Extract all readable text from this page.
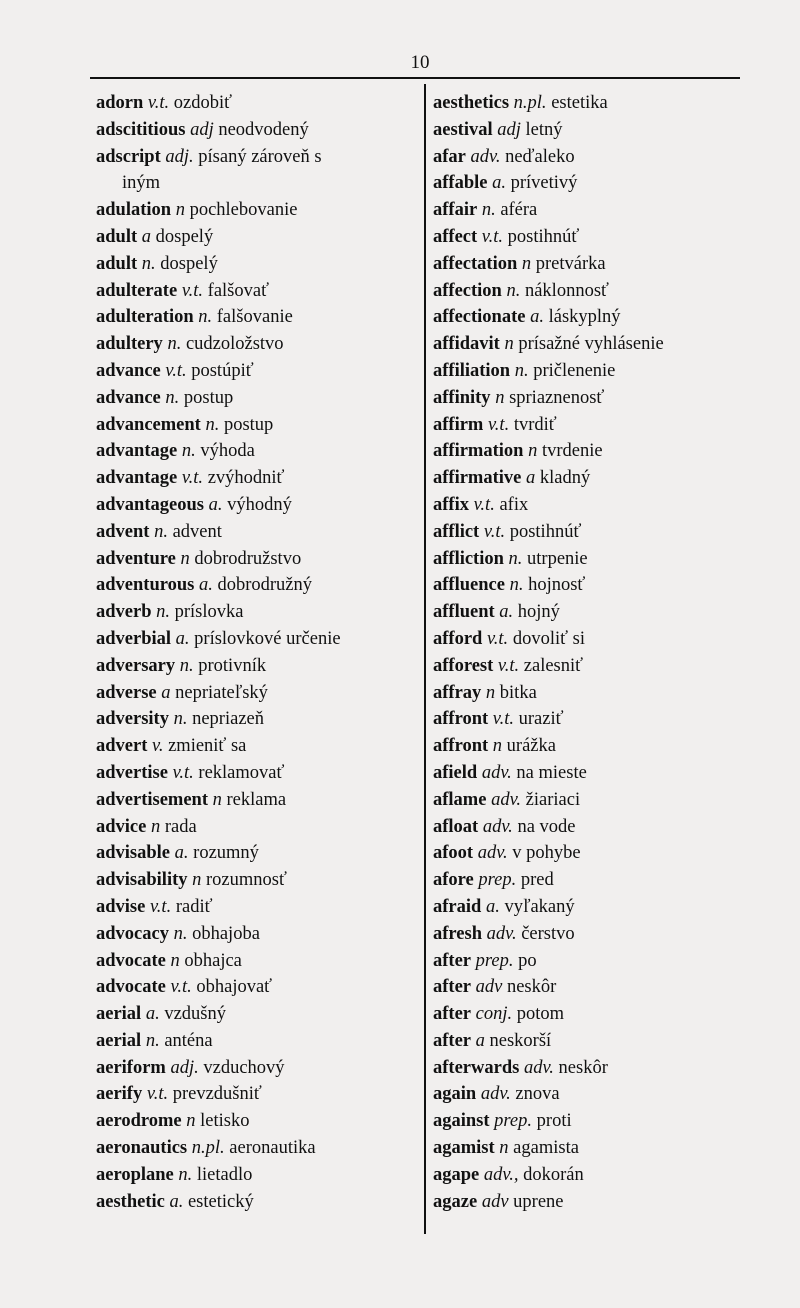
10
adorn v.t. ozdobiť
adscititious adj neodvodený
adscript adj. písaný zároveň s
iným
adulation n pochlebovanie
adult a dospelý
adult n. dospelý
adulterate v.t. falšovať
adulteration n. falšovanie
adultery n. cudzoložstvo
advance v.t. postúpiť
advance n. postup
advancement n. postup
advantage n. výhoda
advantage v.t. zvýhodniť
advantageous a. výhodný
advent n. advent
adventure n dobrodružstvo
adventurous a. dobrodružný
adverb n. príslovka
adverbial a. príslovkové určenie
adversary n. protivník
adverse a nepriateľský
adversity n. nepriazeň
advert v. zmieniť sa
advertise v.t. reklamovať
advertisement n reklama
advice n rada
advisable a. rozumný
advisability n rozumnosť
advise v.t. radiť
advocacy n. obhajoba
advocate n obhajca
advocate v.t. obhajovať
aerial a. vzdušný
aerial n. anténa
aeriform adj. vzduchový
aerify v.t. prevzdušniť
aerodrome n letisko
aeronautics n.pl. aeronautika
aeroplane n. lietadlo
aesthetic a. estetický
aesthetics n.pl. estetika
aestival adj letný
afar adv. neďaleko
affable a. prívetivý
affair n. aféra
affect v.t. postihnúť
affectation n pretvárka
affection n. náklonnosť
affectionate a. láskyplný
affidavit n prísažné vyhlásenie
affiliation n. pričlenenie
affinity n spriaznenosť
affirm v.t. tvrdiť
affirmation n tvrdenie
affirmative a kladný
affix v.t. afix
afflict v.t. postihnúť
affliction n. utrpenie
affluence n. hojnosť
affluent a. hojný
afford v.t. dovoliť si
afforest v.t. zalesniť
affray n bitka
affront v.t. uraziť
affront n urážka
afield adv. na mieste
aflame adv. žiariaci
afloat adv. na vode
afoot adv. v pohybe
afore prep. pred
afraid a. vyľakaný
afresh adv. čerstvo
after prep. po
after adv neskôr
after conj. potom
after a neskorší
afterwards adv. neskôr
again adv. znova
against prep. proti
agamist n agamista
agape adv., dokorán
agaze adv uprene
